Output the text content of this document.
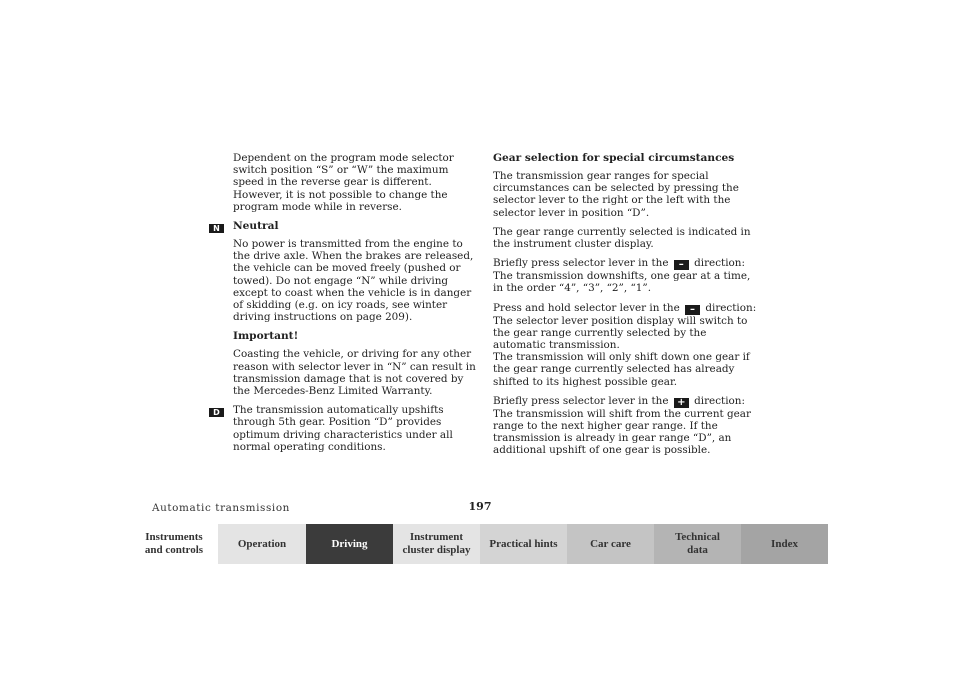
Dependent on the program mode selector switch position “S” or “W” the maximum speed in the reverse gear is different. However, it is not possible to change the program mode while in reverse.

Neutral

No power is transmitted from the engine to the drive axle. When the brakes are released, the vehicle can be moved freely (pushed or towed). Do not engage “N” while driving except to coast when the vehicle is in danger of skidding (e.g. on icy roads, see winter driving instructions on page 209).

Important!

Coasting the vehicle, or driving for any other reason with selector lever in “N” can result in transmission damage that is not covered by the Mercedes-Benz Limited Warranty.

The transmission automatically upshifts through 5th gear. Position “D” provides optimum driving characteristics under all normal operating conditions.

N
D
Gear selection for special circumstances

The transmission gear ranges for special circumstances can be selected by pressing the selector lever to the right or the left with the selector lever in position “D”.

The gear range currently selected is indicated in the instrument cluster display.

Briefly press selector lever in the – direction:
The transmission downshifts, one gear at a time, in the order “4”, “3”, “2”, “1”.

Press and hold selector lever in the – direction:
The selector lever position display will switch to the gear range currently selected by the automatic transmission.
The transmission will only shift down one gear if the gear range currently selected has already shifted to its highest possible gear.

Briefly press selector lever in the + direction:
The transmission will shift from the current gear range to the next higher gear range. If the transmission is already in gear range “D”, an additional upshift of one gear is possible.

Automatic transmission	197
Instruments
and controls
Operation	Driving
Instrument
cluster display
Practical hints	Car care
Technical
data
Index
